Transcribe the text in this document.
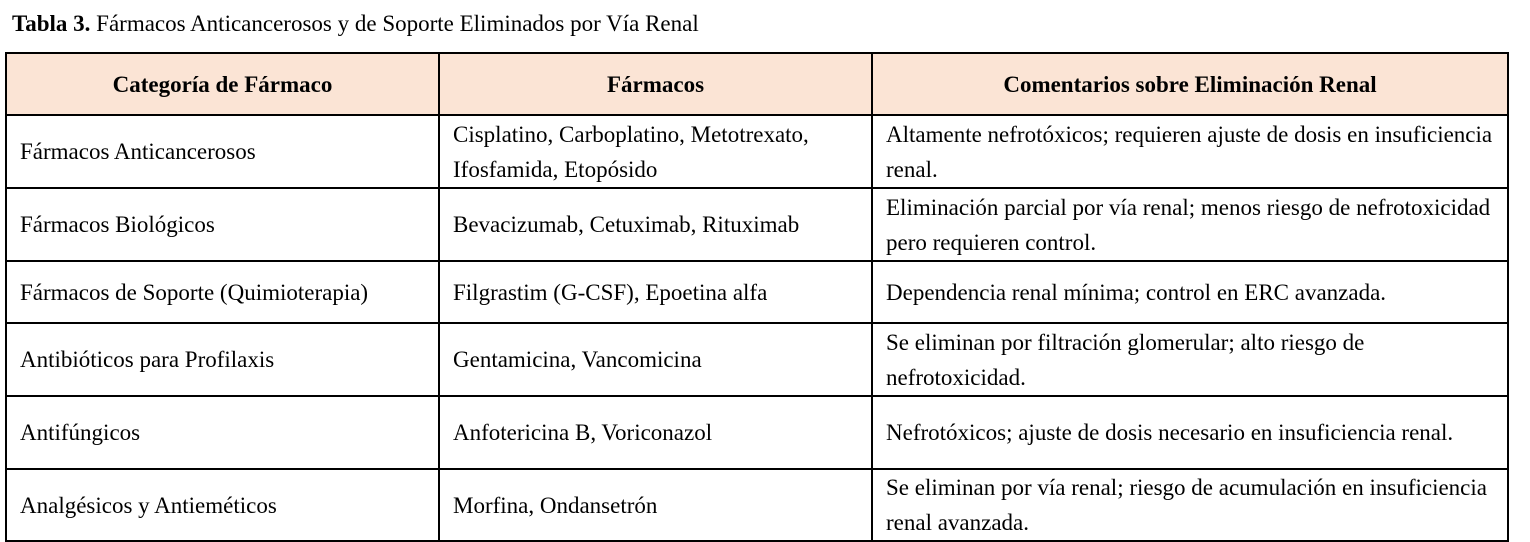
Tabla 3. Fármacos Anticancerosos y de Soporte Eliminados por Vía Renal
Categoría de Fármaco	Fármacos	Comentarios sobre Eliminación Renal
Fármacos Anticancerosos	Cisplatino, Carboplatino, Metotrexato, Ifosfamida, Etopósido	Altamente nefrotóxicos; requieren ajuste de dosis en insuficiencia renal.
Fármacos Biológicos	Bevacizumab, Cetuximab, Rituximab	Eliminación parcial por vía renal; menos riesgo de nefrotoxicidad pero requieren control.
Fármacos de Soporte (Quimioterapia)	Filgrastim (G-CSF), Epoetina alfa	Dependencia renal mínima; control en ERC avanzada.
Antibióticos para Profilaxis	Gentamicina, Vancomicina	Se eliminan por filtración glomerular; alto riesgo de nefrotoxicidad.
Antifúngicos	Anfotericina B, Voriconazol	Nefrotóxicos; ajuste de dosis necesario en insuficiencia renal.
Analgésicos y Antieméticos	Morfina, Ondansetrón	Se eliminan por vía renal; riesgo de acumulación en insuficiencia renal avanzada.
